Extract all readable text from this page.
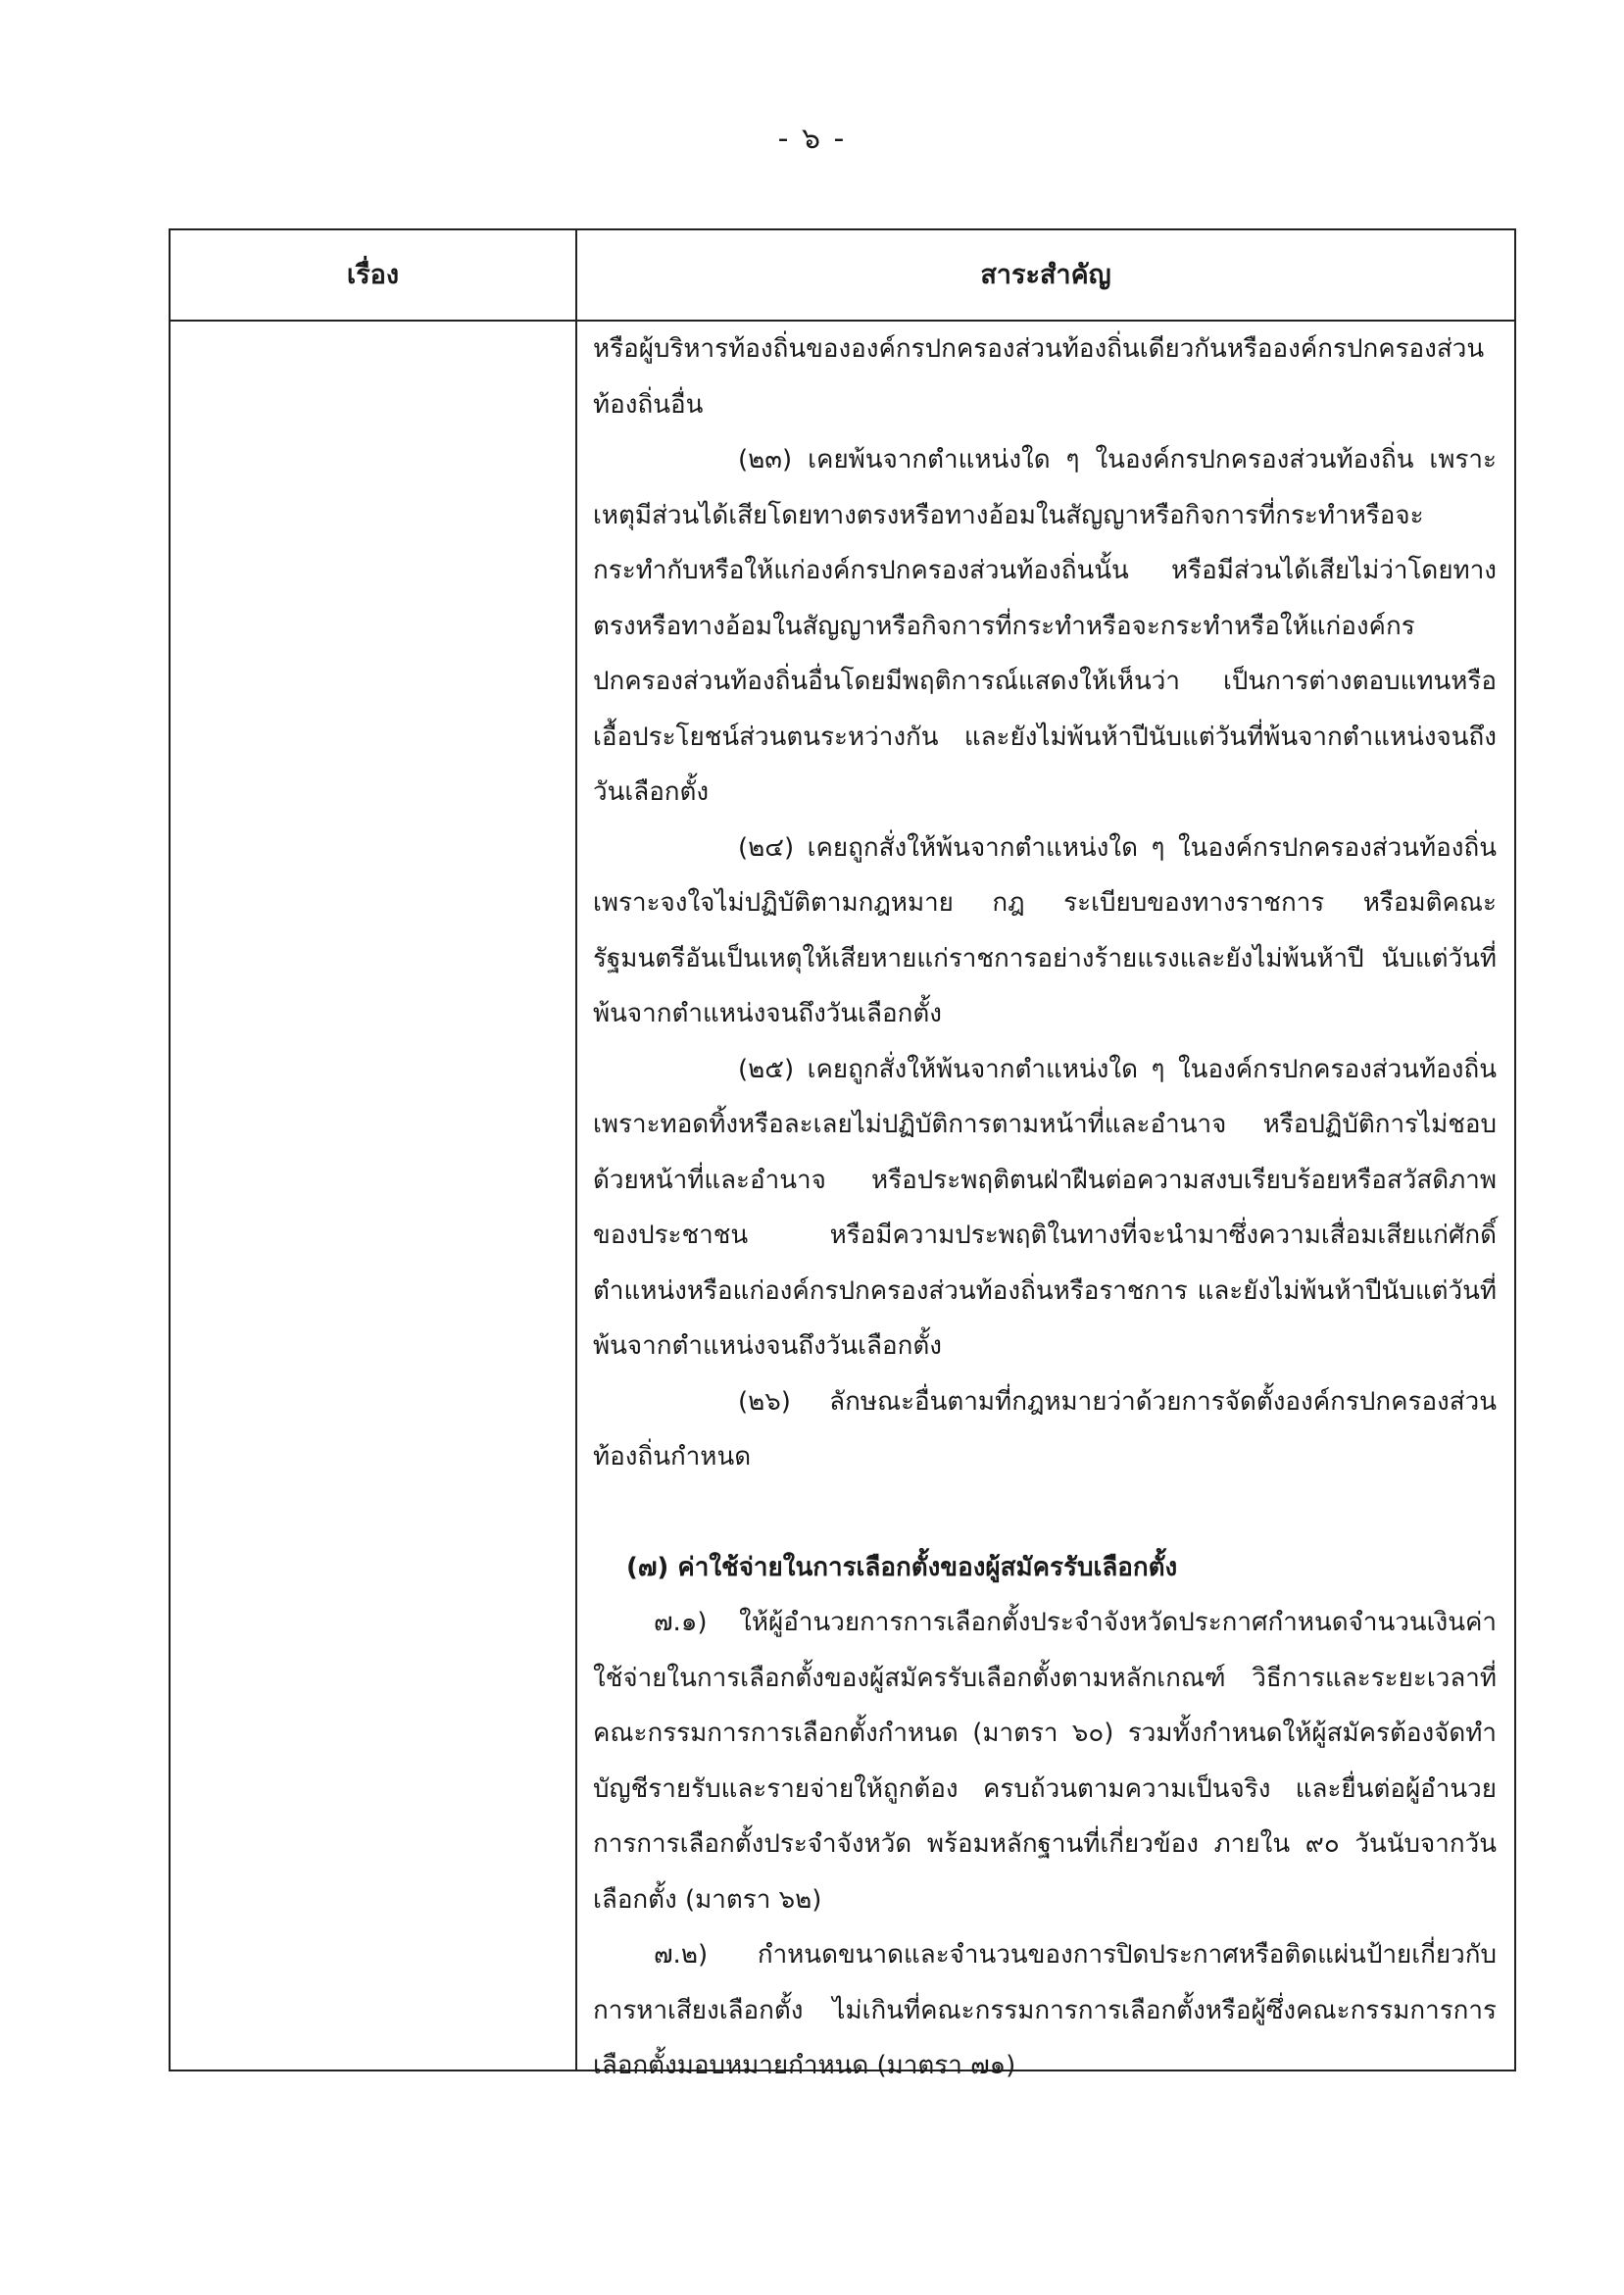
- ๖ -
เรื่อง	สาระสำคัญ

หรือผู้บริหารท้องถิ่นขององค์กรปกครองส่วนท้องถิ่นเดียวกันหรือองค์กรปกครองส่วนท้องถิ่นอื่น

(๒๓) เคยพ้นจากตำแหน่งใด ๆ ในองค์กรปกครองส่วนท้องถิ่น เพราะเหตุมีส่วนได้เสียโดยทางตรงหรือทางอ้อมในสัญญาหรือกิจการที่กระทำหรือจะกระทำกับหรือให้แก่องค์กรปกครองส่วนท้องถิ่นนั้น หรือมีส่วนได้เสียไม่ว่าโดยทางตรงหรือทางอ้อมในสัญญาหรือกิจการที่กระทำหรือจะกระทำหรือให้แก่องค์กรปกครองส่วนท้องถิ่นอื่นโดยมีพฤติการณ์แสดงให้เห็นว่า เป็นการต่างตอบแทนหรือเอื้อประโยชน์ส่วนตนระหว่างกัน และยังไม่พ้นห้าปีนับแต่วันที่พ้นจากตำแหน่งจนถึงวันเลือกตั้ง

(๒๔) เคยถูกสั่งให้พ้นจากตำแหน่งใด ๆ ในองค์กรปกครองส่วนท้องถิ่น เพราะจงใจไม่ปฏิบัติตามกฎหมาย กฎ ระเบียบของทางราชการ หรือมติคณะรัฐมนตรีอันเป็นเหตุให้เสียหายแก่ราชการอย่างร้ายแรงและยังไม่พ้นห้าปี นับแต่วันที่พ้นจากตำแหน่งจนถึงวันเลือกตั้ง

(๒๕) เคยถูกสั่งให้พ้นจากตำแหน่งใด ๆ ในองค์กรปกครองส่วนท้องถิ่น เพราะทอดทิ้งหรือละเลยไม่ปฏิบัติการตามหน้าที่และอำนาจ หรือปฏิบัติการไม่ชอบด้วยหน้าที่และอำนาจ หรือประพฤติตนฝ่าฝืนต่อความสงบเรียบร้อยหรือสวัสดิภาพของประชาชน หรือมีความประพฤติในทางที่จะนำมาซึ่งความเสื่อมเสียแก่ศักดิ์ตำแหน่งหรือแก่องค์กรปกครองส่วนท้องถิ่นหรือราชการ และยังไม่พ้นห้าปีนับแต่วันที่พ้นจากตำแหน่งจนถึงวันเลือกตั้ง

(๒๖) ลักษณะอื่นตามที่กฎหมายว่าด้วยการจัดตั้งองค์กรปกครองส่วนท้องถิ่นกำหนด

(๗) ค่าใช้จ่ายในการเลือกตั้งของผู้สมัครรับเลือกตั้ง

๗.๑) ให้ผู้อำนวยการการเลือกตั้งประจำจังหวัดประกาศกำหนดจำนวนเงินค่าใช้จ่ายในการเลือกตั้งของผู้สมัครรับเลือกตั้งตามหลักเกณฑ์ วิธีการและระยะเวลาที่คณะกรรมการการเลือกตั้งกำหนด (มาตรา ๖๐) รวมทั้งกำหนดให้ผู้สมัครต้องจัดทำบัญชีรายรับและรายจ่ายให้ถูกต้อง ครบถ้วนตามความเป็นจริง และยื่นต่อผู้อำนวยการการเลือกตั้งประจำจังหวัด พร้อมหลักฐานที่เกี่ยวข้อง ภายใน ๙๐ วันนับจากวันเลือกตั้ง (มาตรา ๖๒)

๗.๒) กำหนดขนาดและจำนวนของการปิดประกาศหรือติดแผ่นป้ายเกี่ยวกับการหาเสียงเลือกตั้ง ไม่เกินที่คณะกรรมการการเลือกตั้งหรือผู้ซึ่งคณะกรรมการการเลือกตั้งมอบหมายกำหนด (มาตรา ๗๑)
